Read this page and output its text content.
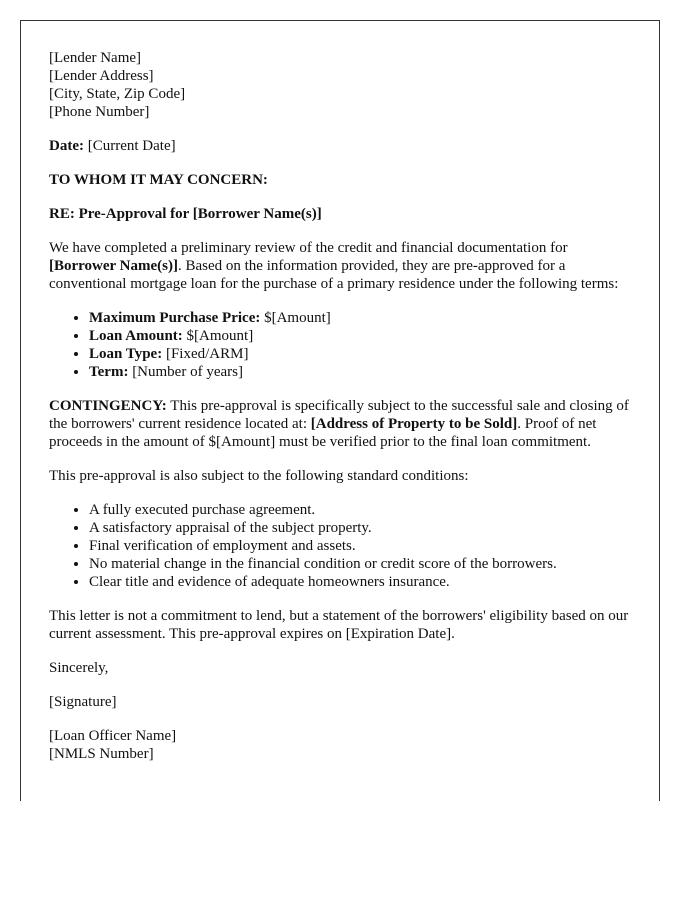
[Lender Name]
[Lender Address]
[City, State, Zip Code]
[Phone Number]

Date: [Current Date]

TO WHOM IT MAY CONCERN:

RE: Pre-Approval for [Borrower Name(s)]

We have completed a preliminary review of the credit and financial documentation for [Borrower Name(s)]. Based on the information provided, they are pre-approved for a conventional mortgage loan for the purchase of a primary residence under the following terms:

• Maximum Purchase Price: $[Amount]
• Loan Amount: $[Amount]
• Loan Type: [Fixed/ARM]
• Term: [Number of years]

CONTINGENCY: This pre-approval is specifically subject to the successful sale and closing of the borrowers' current residence located at: [Address of Property to be Sold]. Proof of net proceeds in the amount of $[Amount] must be verified prior to the final loan commitment.

This pre-approval is also subject to the following standard conditions:

• A fully executed purchase agreement.
• A satisfactory appraisal of the subject property.
• Final verification of employment and assets.
• No material change in the financial condition or credit score of the borrowers.
• Clear title and evidence of adequate homeowners insurance.

This letter is not a commitment to lend, but a statement of the borrowers' eligibility based on our current assessment. This pre-approval expires on [Expiration Date].

Sincerely,

[Signature]

[Loan Officer Name]
[NMLS Number]
